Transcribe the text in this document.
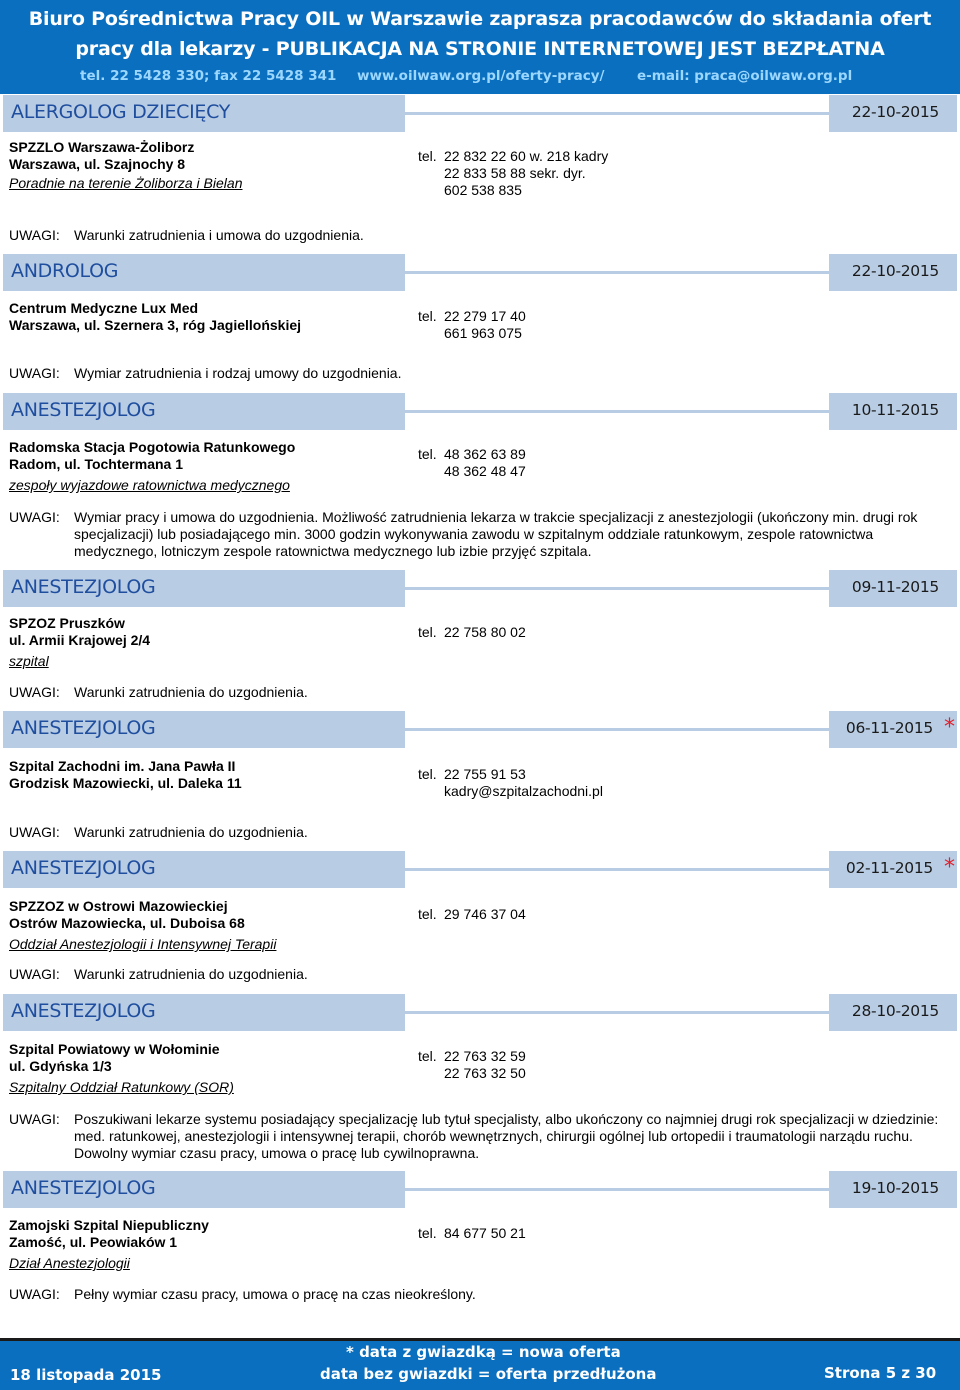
Biuro Pośrednictwa Pracy OIL w Warszawie zaprasza pracodawców do składania ofert
pracy dla lekarzy - PUBLIKACJA NA STRONIE INTERNETOWEJ JEST BEZPŁATNA
tel. 22 5428 330; fax 22 5428 341 www.oilwaw.org.pl/oferty-pracy/ e-mail: praca@oilwaw.org.pl
ALERGOLOG DZIECIĘCY	22-10-2015
SPZZLO Warszawa-Żoliborz
Warszawa, ul. Szajnochy 8
Poradnie na terenie Żoliborza i Bielan
tel. 22 832 22 60 w. 218 kadry
22 833 58 88 sekr. dyr.
602 538 835
UWAGI: Warunki zatrudnienia i umowa do uzgodnienia.
ANDROLOG	22-10-2015
Centrum Medyczne Lux Med
Warszawa, ul. Szernera 3, róg Jagiellońskiej
tel. 22 279 17 40
661 963 075
UWAGI: Wymiar zatrudnienia i rodzaj umowy do uzgodnienia.
ANESTEZJOLOG	10-11-2015
Radomska Stacja Pogotowia Ratunkowego
Radom, ul. Tochtermana 1
zespoły wyjazdowe ratownictwa medycznego
tel. 48 362 63 89
48 362 48 47
UWAGI: Wymiar pracy i umowa do uzgodnienia. Możliwość zatrudnienia lekarza w trakcie specjalizacji z anestezjologii (ukończony min. drugi rok specjalizacji) lub posiadającego min. 3000 godzin wykonywania zawodu w szpitalnym oddziale ratunkowym, zespole ratownictwa medycznego, lotniczym zespole ratownictwa medycznego lub izbie przyjęć szpitala.
ANESTEZJOLOG	09-11-2015
SPZOZ Pruszków
ul. Armii Krajowej 2/4
szpital
tel. 22 758 80 02
UWAGI: Warunki zatrudnienia do uzgodnienia.
ANESTEZJOLOG	06-11-2015 *
Szpital Zachodni im. Jana Pawła II
Grodzisk Mazowiecki, ul. Daleka 11
tel. 22 755 91 53
kadry@szpitalzachodni.pl
UWAGI: Warunki zatrudnienia do uzgodnienia.
ANESTEZJOLOG	02-11-2015 *
SPZZOZ w Ostrowi Mazowieckiej
Ostrów Mazowiecka, ul. Duboisa 68
Oddział Anestezjologii i Intensywnej Terapii
tel. 29 746 37 04
UWAGI: Warunki zatrudnienia do uzgodnienia.
ANESTEZJOLOG	28-10-2015
Szpital Powiatowy w Wołominie
ul. Gdyńska 1/3
Szpitalny Oddział Ratunkowy (SOR)
tel. 22 763 32 59
22 763 32 50
UWAGI: Poszukiwani lekarze systemu posiadający specjalizację lub tytuł specjalisty, albo ukończony co najmniej drugi rok specjalizacji w dziedzinie: med. ratunkowej, anestezjologii i intensywnej terapii, chorób wewnętrznych, chirurgii ogólnej lub ortopedii i traumatologii narządu ruchu. Dowolny wymiar czasu pracy, umowa o pracę lub cywilnoprawna.
ANESTEZJOLOG	19-10-2015
Zamojski Szpital Niepubliczny
Zamość, ul. Peowiaków 1
Dział Anestezjologii
tel. 84 677 50 21
UWAGI: Pełny wymiar czasu pracy, umowa o pracę na czas nieokreślony.
18 listopada 2015
* data z gwiazdką = nowa oferta
data bez gwiazdki = oferta przedłużona	Strona 5 z 30
